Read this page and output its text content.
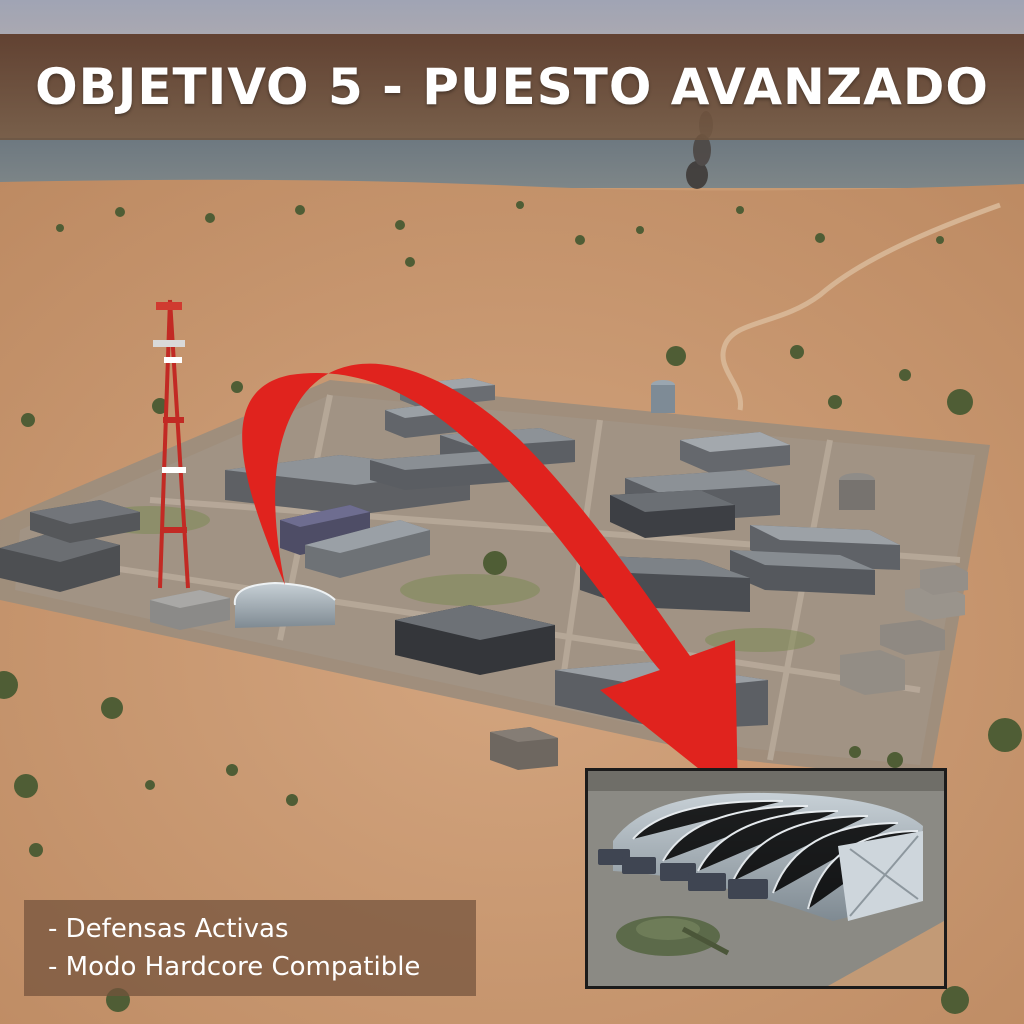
OBJETIVO 5 - PUESTO AVANZADO
- Defensas Activas
- Modo Hardcore Compatible
